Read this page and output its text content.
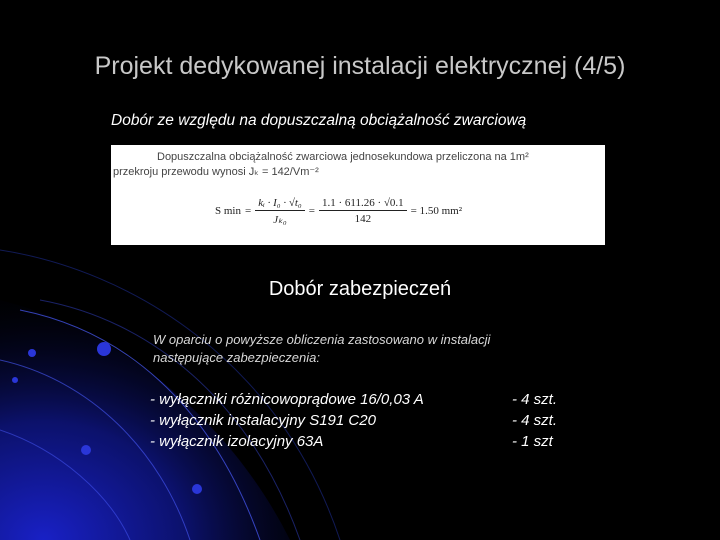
Projekt dedykowanej instalacji elektrycznej (4/5)
Dobór ze względu na dopuszczalną obciążalność zwarciową
Dopuszczalna obciążalność zwarciowa jednosekundowa przeliczona na 1m²
przekroju przewodu wynosi Jₖ = 142/Vm⁻²
S $\min = \frac{\text{kᵢ · I₀ · √t₀}}{\text{Jₖ₀}} = \frac{1.1 \cdot 611.26 \cdot √0.1}{142} = 1.50$ mm²
Dobór zabezpieczeń
W oparciu o powyższe obliczenia zastosowano w instalacji
następujące zabezpieczenia:
- wyłączniki różnicowoprądowe 16/0,03 A	- 4 szt.
- wyłącznik instalacyjny S191 C20	- 4 szt.
- wyłącznik izolacyjny 63A	- 1 szt
